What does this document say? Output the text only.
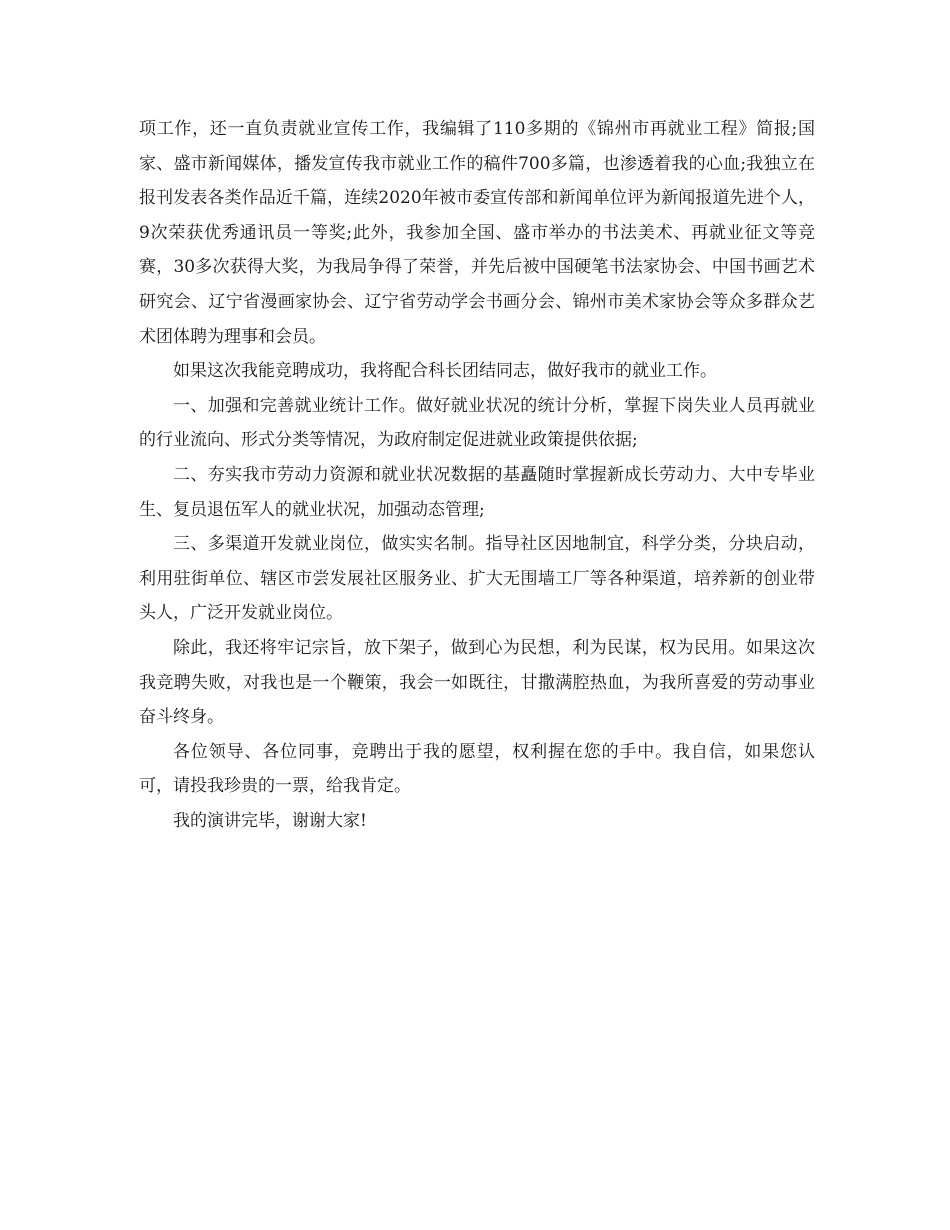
项工作，还一直负责就业宣传工作，我编辑了110多期的《锦州市再就业工程》简报;国家、盛市新闻媒体，播发宣传我市就业工作的稿件700多篇，也渗透着我的心血;我独立在报刊发表各类作品近千篇，连续2020年被市委宣传部和新闻单位评为新闻报道先进个人，9次荣获优秀通讯员一等奖;此外，我参加全国、盛市举办的书法美术、再就业征文等竞赛，30多次获得大奖，为我局争得了荣誉，并先后被中国硬笔书法家协会、中国书画艺术研究会、辽宁省漫画家协会、辽宁省劳动学会书画分会、锦州市美术家协会等众多群众艺术团体聘为理事和会员。

如果这次我能竞聘成功，我将配合科长团结同志，做好我市的就业工作。

一、加强和完善就业统计工作。做好就业状况的统计分析，掌握下岗失业人员再就业的行业流向、形式分类等情况，为政府制定促进就业政策提供依据;

二、夯实我市劳动力资源和就业状况数据的基矗随时掌握新成长劳动力、大中专毕业生、复员退伍军人的就业状况，加强动态管理;

三、多渠道开发就业岗位，做实实名制。指导社区因地制宜，科学分类，分块启动，利用驻街单位、辖区市尝发展社区服务业、扩大无围墙工厂等各种渠道，培养新的创业带头人，广泛开发就业岗位。

除此，我还将牢记宗旨，放下架子，做到心为民想，利为民谋，权为民用。如果这次我竞聘失败，对我也是一个鞭策，我会一如既往，甘撒满腔热血，为我所喜爱的劳动事业奋斗终身。

各位领导、各位同事，竞聘出于我的愿望，权利握在您的手中。我自信，如果您认可，请投我珍贵的一票，给我肯定。

我的演讲完毕，谢谢大家!
